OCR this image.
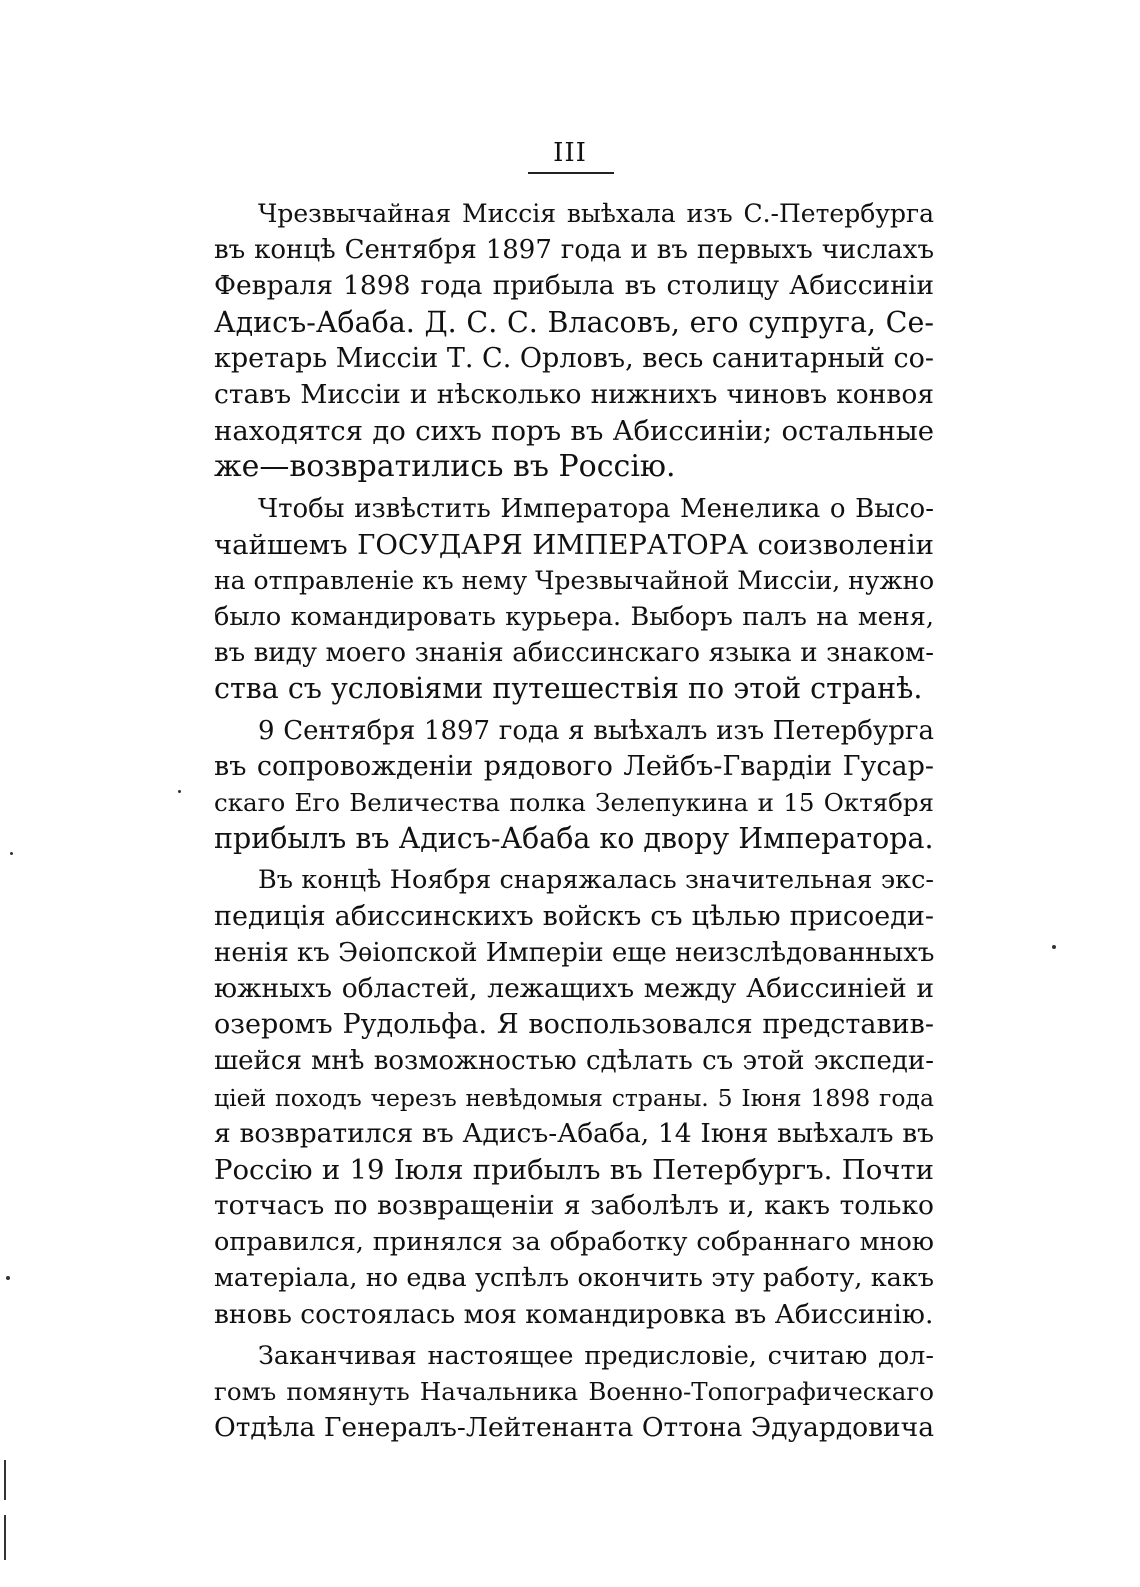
III
Чрезвычайная Миссія выѣхала изъ С.-Петербурга
въ концѣ Сентября 1897 года и въ первыхъ числахъ
Февраля 1898 года прибыла въ столицу Абиссиніи
Адисъ-Абаба. Д. С. С. Власовъ, его супруга, Се-
кретарь Миссіи Т. С. Орловъ, весь санитарный со-
ставъ Миссіи и нѣсколько нижнихъ чиновъ конвоя
находятся до сихъ поръ въ Абиссиніи; остальные
же—возвратились въ Россію.
Чтобы извѣстить Императора Менелика о Высо-
чайшемъ ГОСУДАРЯ ИМПЕРАТОРА соизволеніи
на отправленіе къ нему Чрезвычайной Миссіи, нужно
было командировать курьера. Выборъ палъ на меня,
въ виду моего знанія абиссинскаго языка и знаком-
ства съ условіями путешествія по этой странѣ.
9 Сентября 1897 года я выѣхалъ изъ Петербурга
въ сопровожденіи рядового Лейбъ-Гвардіи Гусар-
скаго Его Величества полка Зелепукина и 15 Октября
прибылъ въ Адисъ-Абаба ко двору Императора.
Въ концѣ Ноября снаряжалась значительная экс-
педиція абиссинскихъ войскъ съ цѣлью присоеди-
ненія къ Эѳіопской Имперіи еще неизслѣдованныхъ
южныхъ областей, лежащихъ между Абиссиніей и
озеромъ Рудольфа. Я воспользовался представив-
шейся мнѣ возможностью сдѣлать съ этой экспеди-
ціей походъ черезъ невѣдомыя страны. 5 Іюня 1898 года
я возвратился въ Адисъ-Абаба, 14 Іюня выѣхалъ въ
Россію и 19 Іюля прибылъ въ Петербургъ. Почти
тотчасъ по возвращеніи я заболѣлъ и, какъ только
оправился, принялся за обработку собраннаго мною
матеріала, но едва успѣлъ окончить эту работу, какъ
вновь состоялась моя командировка въ Абиссинію.
Заканчивая настоящее предисловіе, считаю дол-
гомъ помянуть Начальника Военно-Топографическаго
Отдѣла Генералъ-Лейтенанта Оттона Эдуардовича
